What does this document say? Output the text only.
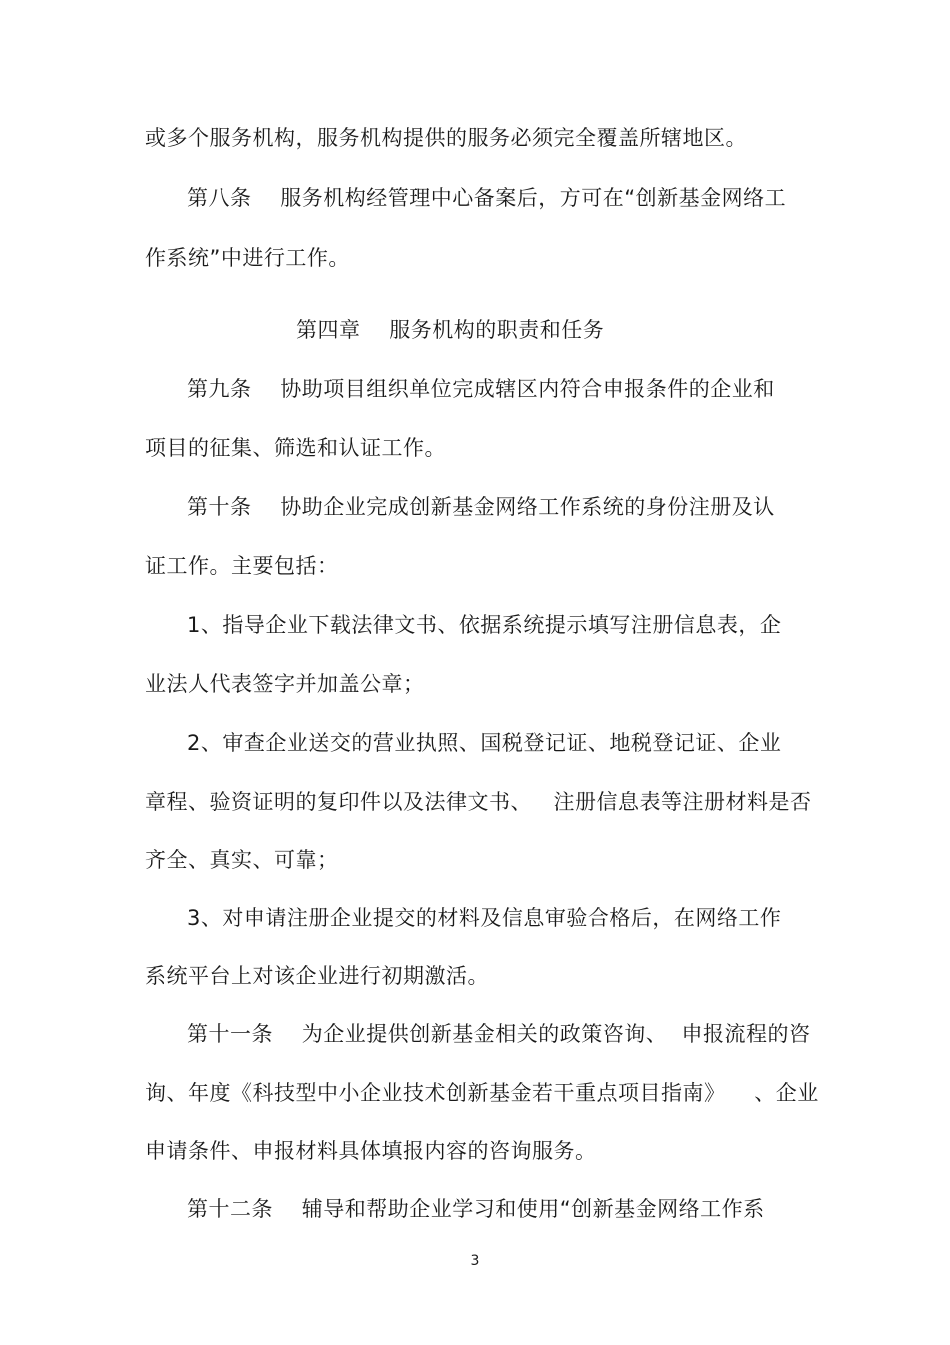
或多个服务机构，服务机构提供的服务必须完全覆盖所辖地区。
第八条    服务机构经管理中心备案后，方可在“创新基金网络工
作系统”中进行工作。
第四章    服务机构的职责和任务
第九条    协助项目组织单位完成辖区内符合申报条件的企业和
项目的征集、筛选和认证工作。
第十条    协助企业完成创新基金网络工作系统的身份注册及认
证工作。主要包括：
1、指导企业下载法律文书、依据系统提示填写注册信息表，企
业法人代表签字并加盖公章；
2、审查企业送交的营业执照、国税登记证、地税登记证、企业
章程、验资证明的复印件以及法律文书、   注册信息表等注册材料是否
齐全、真实、可靠；
3、对申请注册企业提交的材料及信息审验合格后，在网络工作
系统平台上对该企业进行初期激活。
第十一条    为企业提供创新基金相关的政策咨询、  申报流程的咨
询、年度《科技型中小企业技术创新基金若干重点项目指南》    、企业
申请条件、申报材料具体填报内容的咨询服务。
第十二条    辅导和帮助企业学习和使用“创新基金网络工作系
3
